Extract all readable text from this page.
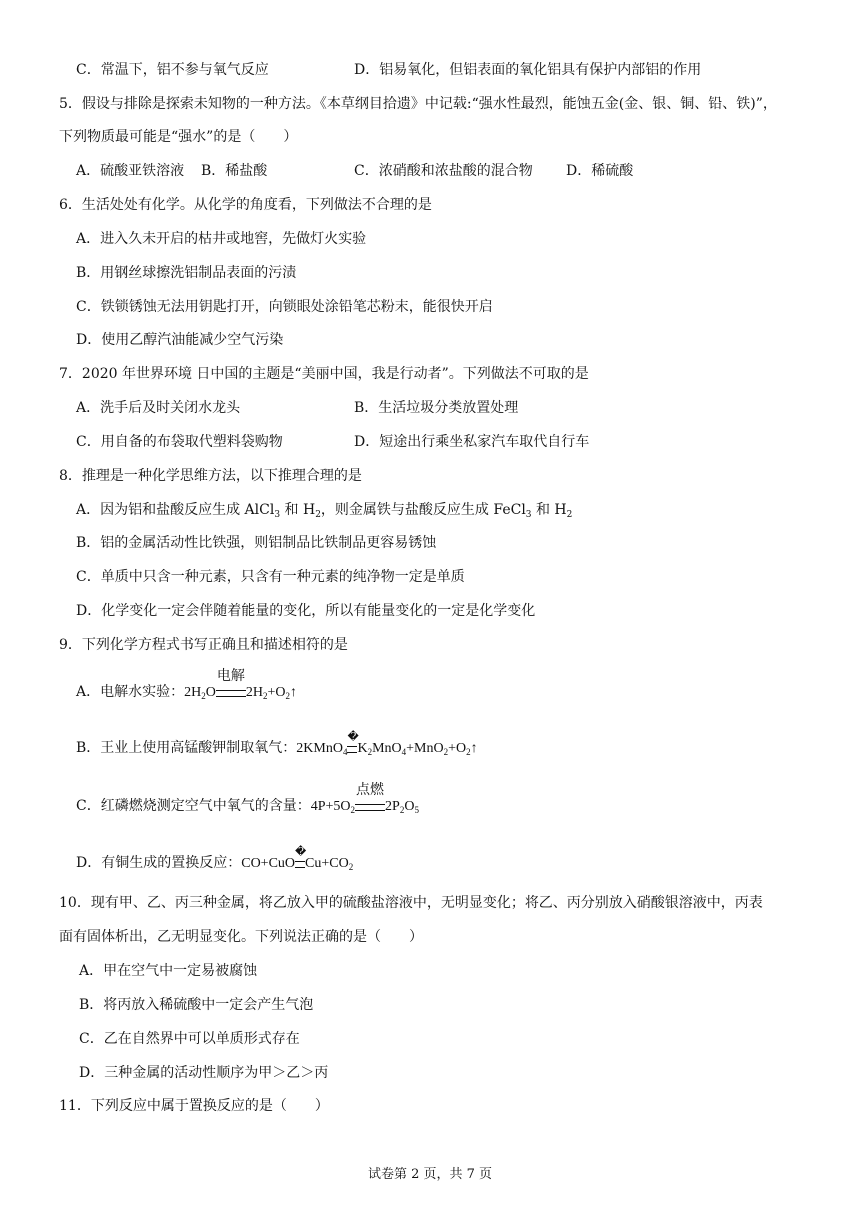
C．常温下，铝不参与氧气反应	D．铝易氧化，但铝表面的氧化铝具有保护内部铝的作用
5．假设与排除是探索未知物的一种方法。《本草纲目拾遗》中记载:“强水性最烈，能蚀五金(金、银、铜、铅、铁)”，
下列物质最可能是“强水”的是（　　）
A．硫酸亚铁溶液 B．稀盐酸	C．浓硝酸和浓盐酸的混合物 D．稀硫酸
6．生活处处有化学。从化学的角度看，下列做法不合理的是
A．进入久未开启的枯井或地窖，先做灯火实验
B．用钢丝球擦洗铝制品表面的污渍
C．铁锁锈蚀无法用钥匙打开，向锁眼处涂铅笔芯粉末，能很快开启
D．使用乙醇汽油能减少空气污染
7．2020 年世界环境 日中国的主题是“美丽中国，我是行动者”。下列做法不可取的是
A．洗手后及时关闭水龙头	B．生活垃圾分类放置处理
C．用自备的布袋取代塑料袋购物	D．短途出行乘坐私家汽车取代自行车
8．推理是一种化学思维方法，以下推理合理的是
A．因为铝和盐酸反应生成 AlCl$_3$ 和 $H_2$，则金属铁与盐酸反应生成 FeCl$_3$ 和 $H_2$
B．铝的金属活动性比铁强，则铝制品比铁制品更容易锈蚀
C．单质中只含一种元素，只含有一种元素的纯净物一定是单质
D．化学变化一定会伴随着能量的变化，所以有能量变化的一定是化学变化
9．下列化学方程式书写正确且和描述相符的是
A．电解水实验：$2H_2O$
电解
$2H_2+O_2↑$
B．王业上使用高锰酸钾制取氧气：2KMnO$_4$
�
$K_2MnO_4+MnO_2+O_2↑$
C．红磷燃烧测定空气中氧气的含量：$4P+5O_2$
点燃
$2P_2O_5$
D．有铜生成的置换反应：CO+CuO
�
$Cu+CO_2$
10．现有甲、乙、丙三种金属，将乙放入甲的硫酸盐溶液中，无明显变化；将乙、丙分别放入硝酸银溶液中，丙表
面有固体析出，乙无明显变化。下列说法正确的是（　　）
A．甲在空气中一定易被腐蚀
B．将丙放入稀硫酸中一定会产生气泡
C．乙在自然界中可以单质形式存在
D．三种金属的活动性顺序为甲＞乙＞丙
11．下列反应中属于置换反应的是（　　）
试卷第 2 页，共 7 页
